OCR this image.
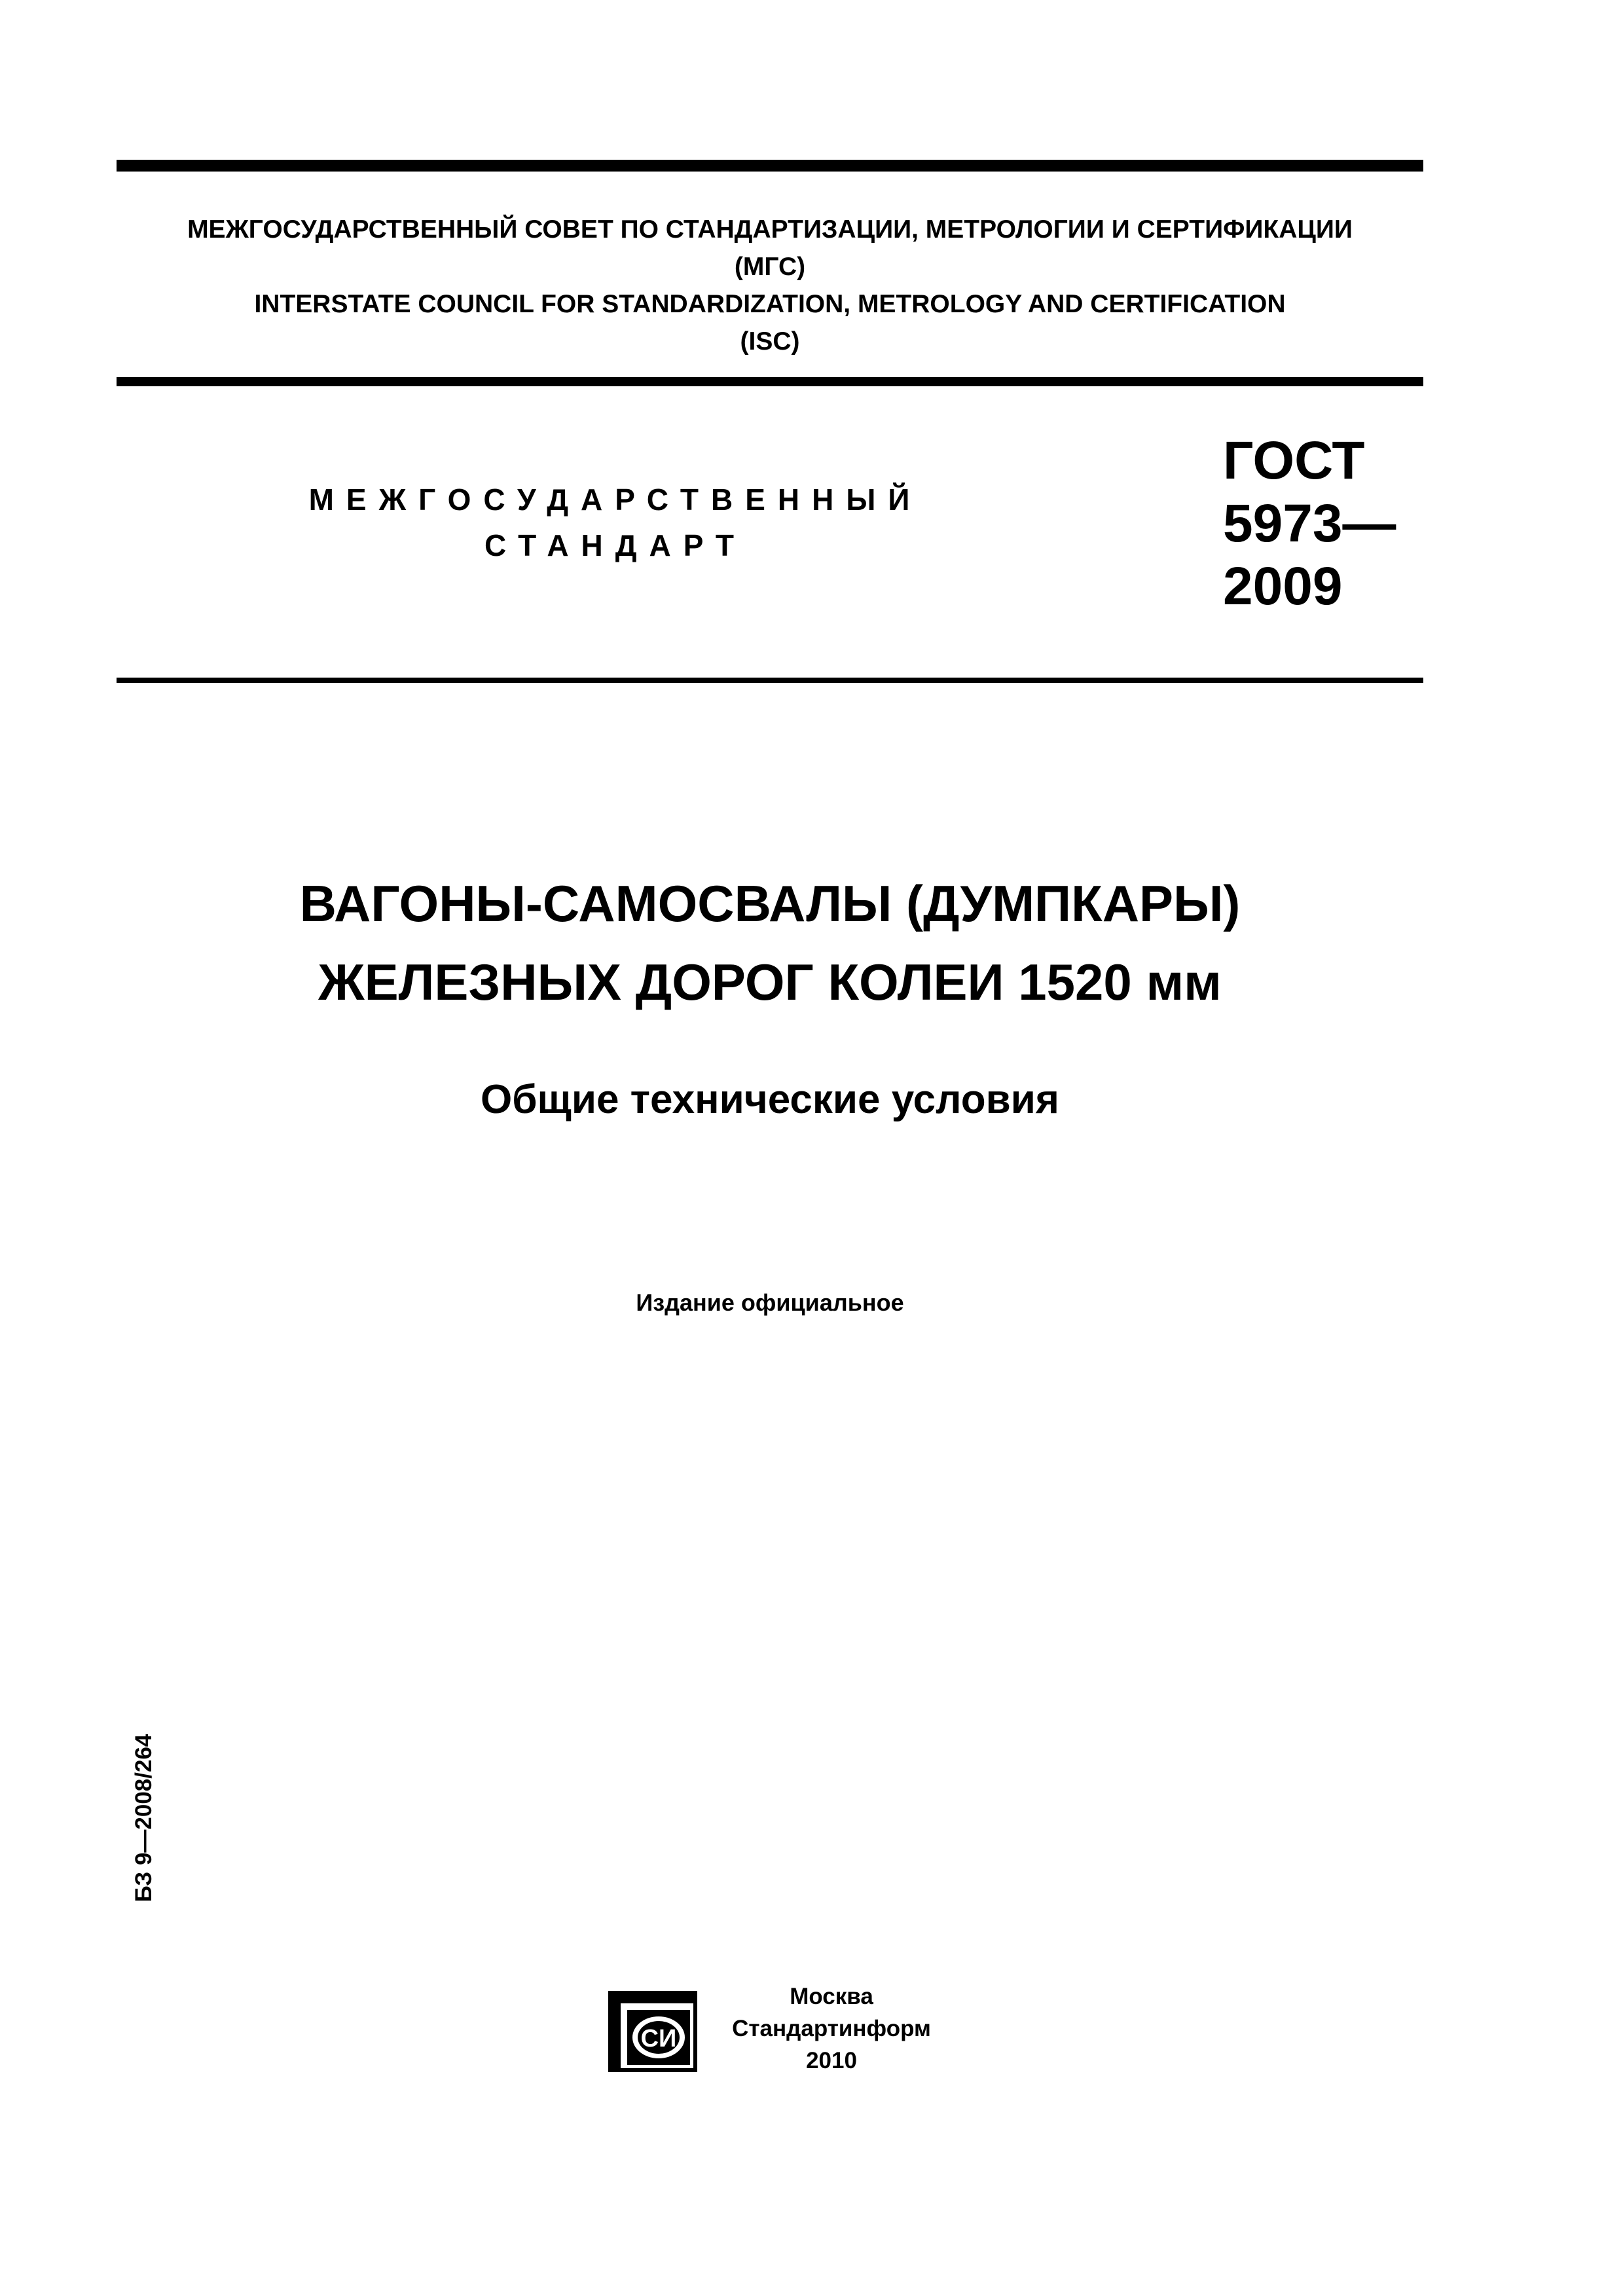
МЕЖГОСУДАРСТВЕННЫЙ СОВЕТ ПО СТАНДАРТИЗАЦИИ, МЕТРОЛОГИИ И СЕРТИФИКАЦИИ
(МГС)
INTERSTATE COUNCIL FOR STANDARDIZATION, METROLOGY AND CERTIFICATION
(ISC)
МЕЖГОСУДАРСТВЕННЫЙ
СТАНДАРТ
ГОСТ
5973—
2009
ВАГОНЫ-САМОСВАЛЫ (ДУМПКАРЫ)
ЖЕЛЕЗНЫХ ДОРОГ КОЛЕИ 1520 мм
Общие технические условия
Издание официальное
БЗ 9—2008/264
СИ
Москва
Стандартинформ
2010
